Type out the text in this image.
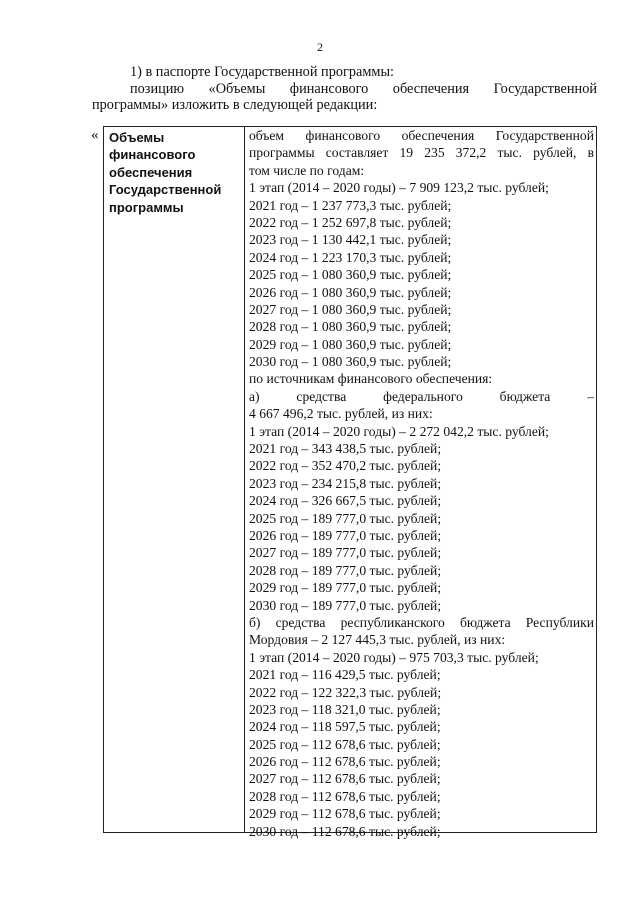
2
1) в паспорте Государственной программы:
позицию «Объемы финансового обеспечения Государственной
программы» изложить в следующей редакции:
« Объемы
финансового
обеспечения
Государственной
программы
объем финансового обеспечения Государственной
программы составляет 19 235 372,2 тыс. рублей, в
том числе по годам:
1 этап (2014 – 2020 годы) – 7 909 123,2 тыс. рублей;
2021 год – 1 237 773,3 тыс. рублей;
2022 год – 1 252 697,8 тыс. рублей;
2023 год – 1 130 442,1 тыс. рублей;
2024 год – 1 223 170,3 тыс. рублей;
2025 год – 1 080 360,9 тыс. рублей;
2026 год – 1 080 360,9 тыс. рублей;
2027 год – 1 080 360,9 тыс. рублей;
2028 год – 1 080 360,9 тыс. рублей;
2029 год – 1 080 360,9 тыс. рублей;
2030 год – 1 080 360,9 тыс. рублей;
по источникам финансового обеспечения:
а) средства федерального бюджета –
4 667 496,2 тыс. рублей, из них:
1 этап (2014 – 2020 годы) – 2 272 042,2 тыс. рублей;
2021 год – 343 438,5 тыс. рублей;
2022 год – 352 470,2 тыс. рублей;
2023 год – 234 215,8 тыс. рублей;
2024 год – 326 667,5 тыс. рублей;
2025 год – 189 777,0 тыс. рублей;
2026 год – 189 777,0 тыс. рублей;
2027 год – 189 777,0 тыс. рублей;
2028 год – 189 777,0 тыс. рублей;
2029 год – 189 777,0 тыс. рублей;
2030 год – 189 777,0 тыс. рублей;
б) средства республиканского бюджета Республики
Мордовия – 2 127 445,3 тыс. рублей, из них:
1 этап (2014 – 2020 годы) – 975 703,3 тыс. рублей;
2021 год – 116 429,5 тыс. рублей;
2022 год – 122 322,3 тыс. рублей;
2023 год – 118 321,0 тыс. рублей;
2024 год – 118 597,5 тыс. рублей;
2025 год – 112 678,6 тыс. рублей;
2026 год – 112 678,6 тыс. рублей;
2027 год – 112 678,6 тыс. рублей;
2028 год – 112 678,6 тыс. рублей;
2029 год – 112 678,6 тыс. рублей;
2030 год – 112 678,6 тыс. рублей;
